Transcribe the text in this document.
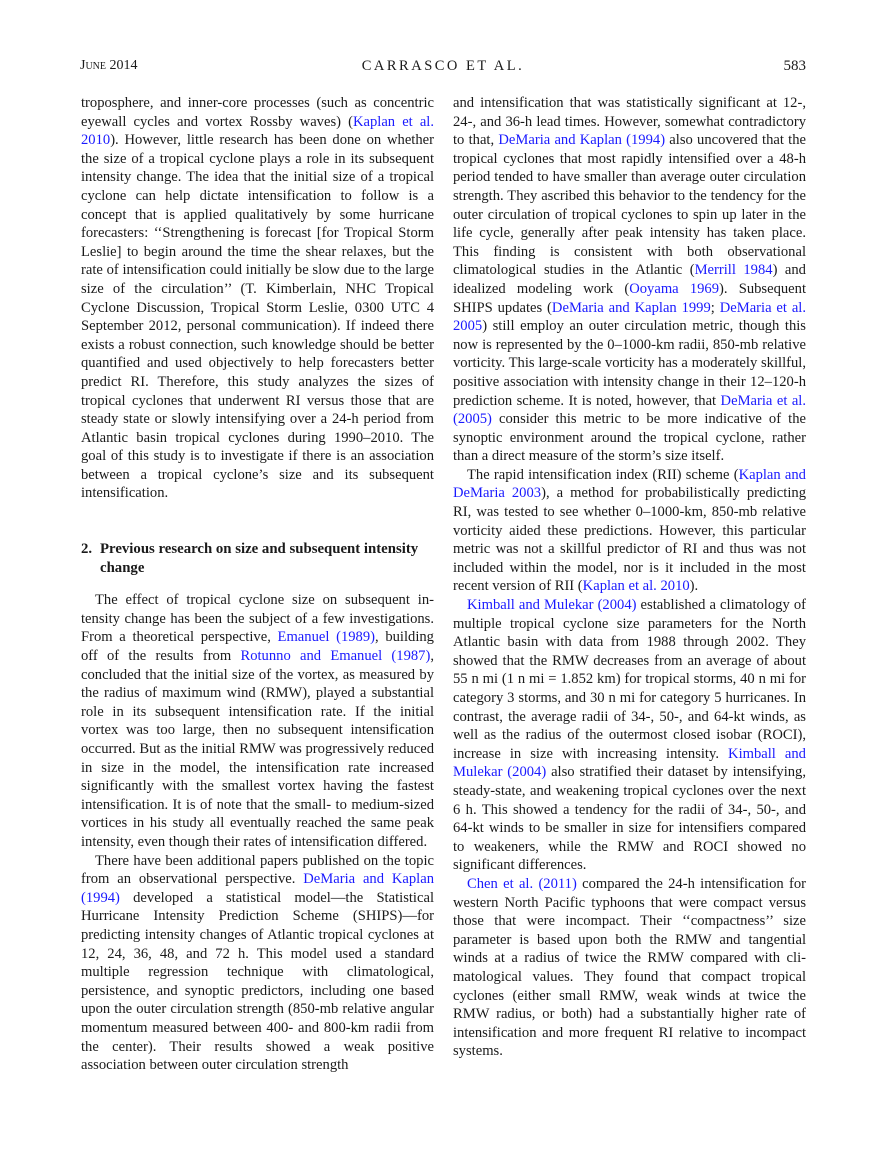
June 2014	CARRASCO ET AL.	583

troposphere, and inner-core processes (such as concentric eyewall cycles and vortex Rossby waves) (Kaplan et al. 2010). However, little research has been done on whether the size of a tropical cyclone plays a role in its subsequent intensity change. The idea that the initial size of a tropical cyclone can help dictate intensification to follow is a concept that is applied qualitatively by some hurricane forecasters: ‘‘Strengthening is forecast [for Tropical Storm Leslie] to begin around the time the shear relaxes, but the rate of intensification could initially be slow due to the large size of the circulation’’ (T. Kimberlain, NHC Tropical Cyclone Discussion, Tropical Storm Leslie, 0300 UTC 4 September 2012, personal communication). If indeed there exists a robust connection, such knowledge should be better quantified and used objectively to help forecasters better predict RI. Therefore, this study analyzes the sizes of tropical cyclones that underwent RI versus those that are steady state or slowly intensifying over a 24-h period from Atlantic basin tropical cyclones during 1990–2010. The goal of this study is to investigate if there is an association between a tropical cyclone’s size and its subsequent intensification.

2. Previous research on size and subsequent intensity change

The effect of tropical cyclone size on subsequent intensity change has been the subject of a few investigations. From a theoretical perspective, Emanuel (1989), building off of the results from Rotunno and Emanuel (1987), concluded that the initial size of the vortex, as measured by the radius of maximum wind (RMW), played a substantial role in its subsequent intensification rate. If the initial vortex was too large, then no subsequent intensification occurred. But as the initial RMW was progressively reduced in size in the model, the intensification rate increased significantly with the smallest vortex having the fastest intensification. It is of note that the small- to medium-sized vortices in his study all eventually reached the same peak intensity, even though their rates of intensification differed.

There have been additional papers published on the topic from an observational perspective. DeMaria and Kaplan (1994) developed a statistical model—the Statistical Hurricane Intensity Prediction Scheme (SHIPS)—for predicting intensity changes of Atlantic tropical cyclones at 12, 24, 36, 48, and 72 h. This model used a standard multiple regression technique with climatological, persistence, and synoptic predictors, including one based upon the outer circulation strength (850-mb relative angular momentum measured between 400- and 800-km radii from the center). Their results showed a weak positive association between outer circulation strength

and intensification that was statistically significant at 12-, 24-, and 36-h lead times. However, somewhat contradictory to that, DeMaria and Kaplan (1994) also uncovered that the tropical cyclones that most rapidly intensified over a 48-h period tended to have smaller than average outer circulation strength. They ascribed this behavior to the tendency for the outer circulation of tropical cyclones to spin up later in the life cycle, generally after peak intensity has taken place. This finding is consistent with both observational climatological studies in the Atlantic (Merrill 1984) and idealized modeling work (Ooyama 1969). Subsequent SHIPS updates (DeMaria and Kaplan 1999; DeMaria et al. 2005) still employ an outer circulation metric, though this now is represented by the 0–1000-km radii, 850-mb relative vorticity. This large-scale vorticity has a moderately skillful, positive association with intensity change in their 12–120-h prediction scheme. It is noted, however, that DeMaria et al. (2005) consider this metric to be more indicative of the synoptic environment around the tropical cyclone, rather than a direct measure of the storm’s size itself.

The rapid intensification index (RII) scheme (Kaplan and DeMaria 2003), a method for probabilistically predicting RI, was tested to see whether 0–1000-km, 850-mb relative vorticity aided these predictions. However, this particular metric was not a skillful predictor of RI and thus was not included within the model, nor is it included in the most recent version of RII (Kaplan et al. 2010).

Kimball and Mulekar (2004) established a climatology of multiple tropical cyclone size parameters for the North Atlantic basin with data from 1988 through 2002. They showed that the RMW decreases from an average of about 55 n mi (1 n mi = 1.852 km) for tropical storms, 40 n mi for category 3 storms, and 30 n mi for category 5 hurricanes. In contrast, the average radii of 34-, 50-, and 64-kt winds, as well as the radius of the outermost closed isobar (ROCI), increase in size with increasing intensity. Kimball and Mulekar (2004) also stratified their dataset by intensifying, steady-state, and weakening tropical cyclones over the next 6 h. This showed a tendency for the radii of 34-, 50-, and 64-kt winds to be smaller in size for intensifiers compared to weakeners, while the RMW and ROCI showed no significant differences.

Chen et al. (2011) compared the 24-h intensification for western North Pacific typhoons that were compact versus those that were incompact. Their ‘‘compactness’’ size parameter is based upon both the RMW and tangential winds at a radius of twice the RMW compared with climatological values. They found that compact tropical cyclones (either small RMW, weak winds at twice the RMW radius, or both) had a substantially higher rate of intensification and more frequent RI relative to incompact systems.
